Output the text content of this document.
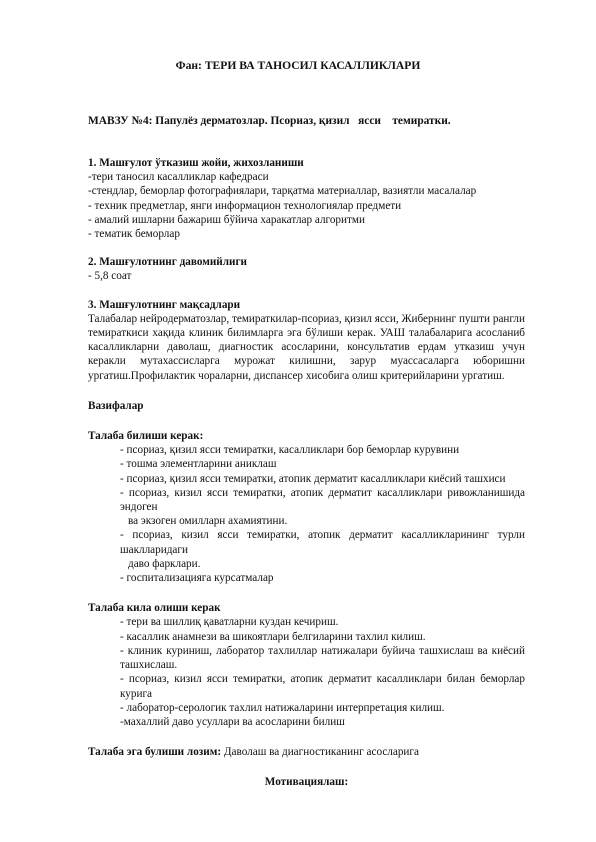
Фан: ТЕРИ ВА ТАНОСИЛ КАСАЛЛИКЛАРИ
МАВЗУ №4: Папулёз дерматозлар. Псориаз, қизил   ясси    темиратки.

1. Машғулот ўтказиш жойи, жихозланиши

-тери таносил касалликлар кафедраси

-стендлар, беморлар фотографиялари, тарқатма материаллар, вазиятли масалалар

- техник предметлар, янги информацион технологиялар предмети

- амалий ишларни бажариш бўйича харакатлар алгоритми

- тематик беморлар

2. Машғулотнинг давомийлиги

- 5,8 соат

3. Машғулотнинг мақсадлари

Талабалар нейродерматозлар, темираткилар-псориаз, қизил ясси, Жибернинг пушти рангли темираткиси хақида клиник билимларга эга бўлиши керак. УАШ талабаларига асосланиб касалликларни даволаш, диагностик асосларини, консультатив ердам утказиш учун керакли мутахассисларга мурожат килишни, зарур муассасаларга юборишни ургатиш.Профилактик чораларни, диспансер хисобига олиш критерийларини ургатиш.

Вазифалар

Талаба билиши керак:

- псориаз, қизил ясси темиратки, касалликлари бор беморлар курувини

- тошма элементларини аниклаш

- псориаз, қизил ясси темиратки, атопик дерматит касалликлари киёсий ташхиси

- псориаз, кизил ясси темиратки, атопик дерматит касалликлари ривожланишида эндоген

ва экзоген омилларн ахамиятини.

- псориаз, кизил ясси темиратки, атопик дерматит касалликларининг турли шаклларидаги

даво фарклари.

- госпитализацияга курсатмалар

Талаба кила олиши керак

- тери ва шиллиқ қаватларни куздан кечириш.

- касаллик анамнези ва шикоятлари белгиларини тахлил килиш.

- клиник куриниш, лаборатор тахлиллар натижалари буйича ташхислаш ва киёсий ташхислаш.

- псориаз, кизил ясси темиратки, атопик дерматит касалликлари билан беморлар курига

- лаборатор-серологик тахлил натижаларини интерпретация килиш.

-махаллий даво усуллари ва асосларини билиш

Талаба эга булиши лозим: Даволаш ва диагностиканинг асосларига

Мотивациялаш:
